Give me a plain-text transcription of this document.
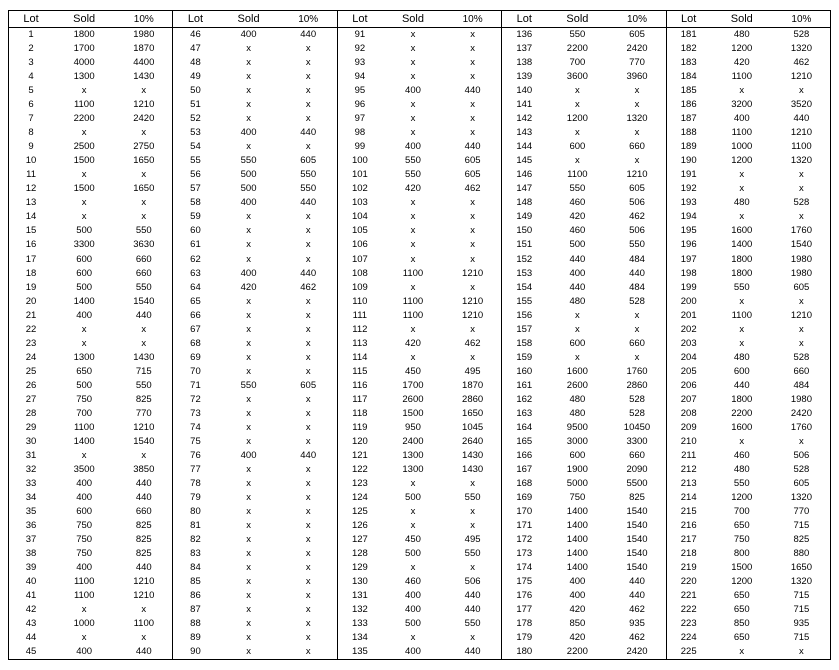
Lot	Sold	10%
1	1800	1980
2	1700	1870
3	4000	4400
4	1300	1430
5	x	x
6	1100	1210
7	2200	2420
8	x	x
9	2500	2750
10	1500	1650
11	x	x
12	1500	1650
13	x	x
14	x	x
15	500	550
16	3300	3630
17	600	660
18	600	660
19	500	550
20	1400	1540
21	400	440
22	x	x
23	x	x
24	1300	1430
25	650	715
26	500	550
27	750	825
28	700	770
29	1100	1210
30	1400	1540
31	x	x
32	3500	3850
33	400	440
34	400	440
35	600	660
36	750	825
37	750	825
38	750	825
39	400	440
40	1100	1210
41	1100	1210
42	x	x
43	1000	1100
44	x	x
45	400	440
Lot	Sold	10%
46	400	440
47	x	x
48	x	x
49	x	x
50	x	x
51	x	x
52	x	x
53	400	440
54	x	x
55	550	605
56	500	550
57	500	550
58	400	440
59	x	x
60	x	x
61	x	x
62	x	x
63	400	440
64	420	462
65	x	x
66	x	x
67	x	x
68	x	x
69	x	x
70	x	x
71	550	605
72	x	x
73	x	x
74	x	x
75	x	x
76	400	440
77	x	x
78	x	x
79	x	x
80	x	x
81	x	x
82	x	x
83	x	x
84	x	x
85	x	x
86	x	x
87	x	x
88	x	x
89	x	x
90	x	x
Lot	Sold	10%
91	x	x
92	x	x
93	x	x
94	x	x
95	400	440
96	x	x
97	x	x
98	x	x
99	400	440
100	550	605
101	550	605
102	420	462
103	x	x
104	x	x
105	x	x
106	x	x
107	x	x
108	1100	1210
109	x	x
110	1100	1210
111	1100	1210
112	x	x
113	420	462
114	x	x
115	450	495
116	1700	1870
117	2600	2860
118	1500	1650
119	950	1045
120	2400	2640
121	1300	1430
122	1300	1430
123	x	x
124	500	550
125	x	x
126	x	x
127	450	495
128	500	550
129	x	x
130	460	506
131	400	440
132	400	440
133	500	550
134	x	x
135	400	440
Lot	Sold	10%
136	550	605
137	2200	2420
138	700	770
139	3600	3960
140	x	x
141	x	x
142	1200	1320
143	x	x
144	600	660
145	x	x
146	1100	1210
147	550	605
148	460	506
149	420	462
150	460	506
151	500	550
152	440	484
153	400	440
154	440	484
155	480	528
156	x	x
157	x	x
158	600	660
159	x	x
160	1600	1760
161	2600	2860
162	480	528
163	480	528
164	9500	10450
165	3000	3300
166	600	660
167	1900	2090
168	5000	5500
169	750	825
170	1400	1540
171	1400	1540
172	1400	1540
173	1400	1540
174	1400	1540
175	400	440
176	400	440
177	420	462
178	850	935
179	420	462
180	2200	2420
Lot	Sold	10%
181	480	528
182	1200	1320
183	420	462
184	1100	1210
185	x	x
186	3200	3520
187	400	440
188	1100	1210
189	1000	1100
190	1200	1320
191	x	x
192	x	x
193	480	528
194	x	x
195	1600	1760
196	1400	1540
197	1800	1980
198	1800	1980
199	550	605
200	x	x
201	1100	1210
202	x	x
203	x	x
204	480	528
205	600	660
206	440	484
207	1800	1980
208	2200	2420
209	1600	1760
210	x	x
211	460	506
212	480	528
213	550	605
214	1200	1320
215	700	770
216	650	715
217	750	825
218	800	880
219	1500	1650
220	1200	1320
221	650	715
222	650	715
223	850	935
224	650	715
225	x	x
